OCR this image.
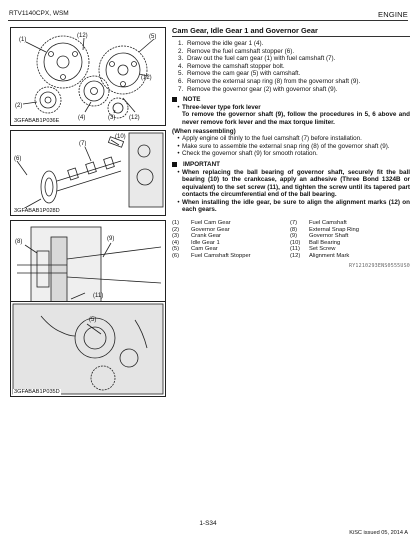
RTV1140CPX, WSM	ENGINE
(1)
(12)	(5)
(12)
(2)
(4)	(3) (12)
3GFABAB1P036E
(10)
(7)
(6)
3GFABAB1P028D
(8)	(9)
(11)
(5)
3GFABAB1P035D
Cam Gear, Idle Gear 1 and Governor Gear
1. Remove the idle gear 1 (4).
2. Remove the fuel camshaft stopper (6).
3. Draw out the fuel cam gear (1) with fuel camshaft (7).
4. Remove the camshaft stopper bolt.
5. Remove the cam gear (5) with camshaft.
6. Remove the external snap ring (8) from the governor shaft (9).
7. Remove the governor gear (2) with governor shaft (9).
NOTE
• Three-lever type fork lever
To remove the governor shaft (9), follow the procedures in 5, 6 above and never remove fork lever and the max torque limiter.
(When reassembling)
• Apply engine oil thinly to the fuel camshaft (7) before installation.
• Make sure to assemble the external snap ring (8) of the governor shaft (9).
• Check the governor shaft (9) for smooth rotation.
IMPORTANT
• When replacing the ball bearing of governor shaft, securely fit the ball bearing (10) to the crankcase, apply an adhesive (Three Bond 1324B or equivalent) to the set screw (11), and tighten the screw until its tapered part contacts the circumferential end of the ball bearing.
• When installing the idle gear, be sure to align the alignment marks (12) on each gears.
(1)	Fuel Cam Gear	(7)	Fuel Camshaft
(2)	Governor Gear	(8)	External Snap Ring
(3)	Crank Gear	(9)	Governor Shaft
(4)	Idle Gear 1	(10)	Ball Bearing
(5)	Cam Gear	(11)	Set Screw
(6)	Fuel Camshaft Stopper	(12)	Alignment Mark
RY1210293ENS0555US0
1-S34
KiSC issued 05, 2014 A
